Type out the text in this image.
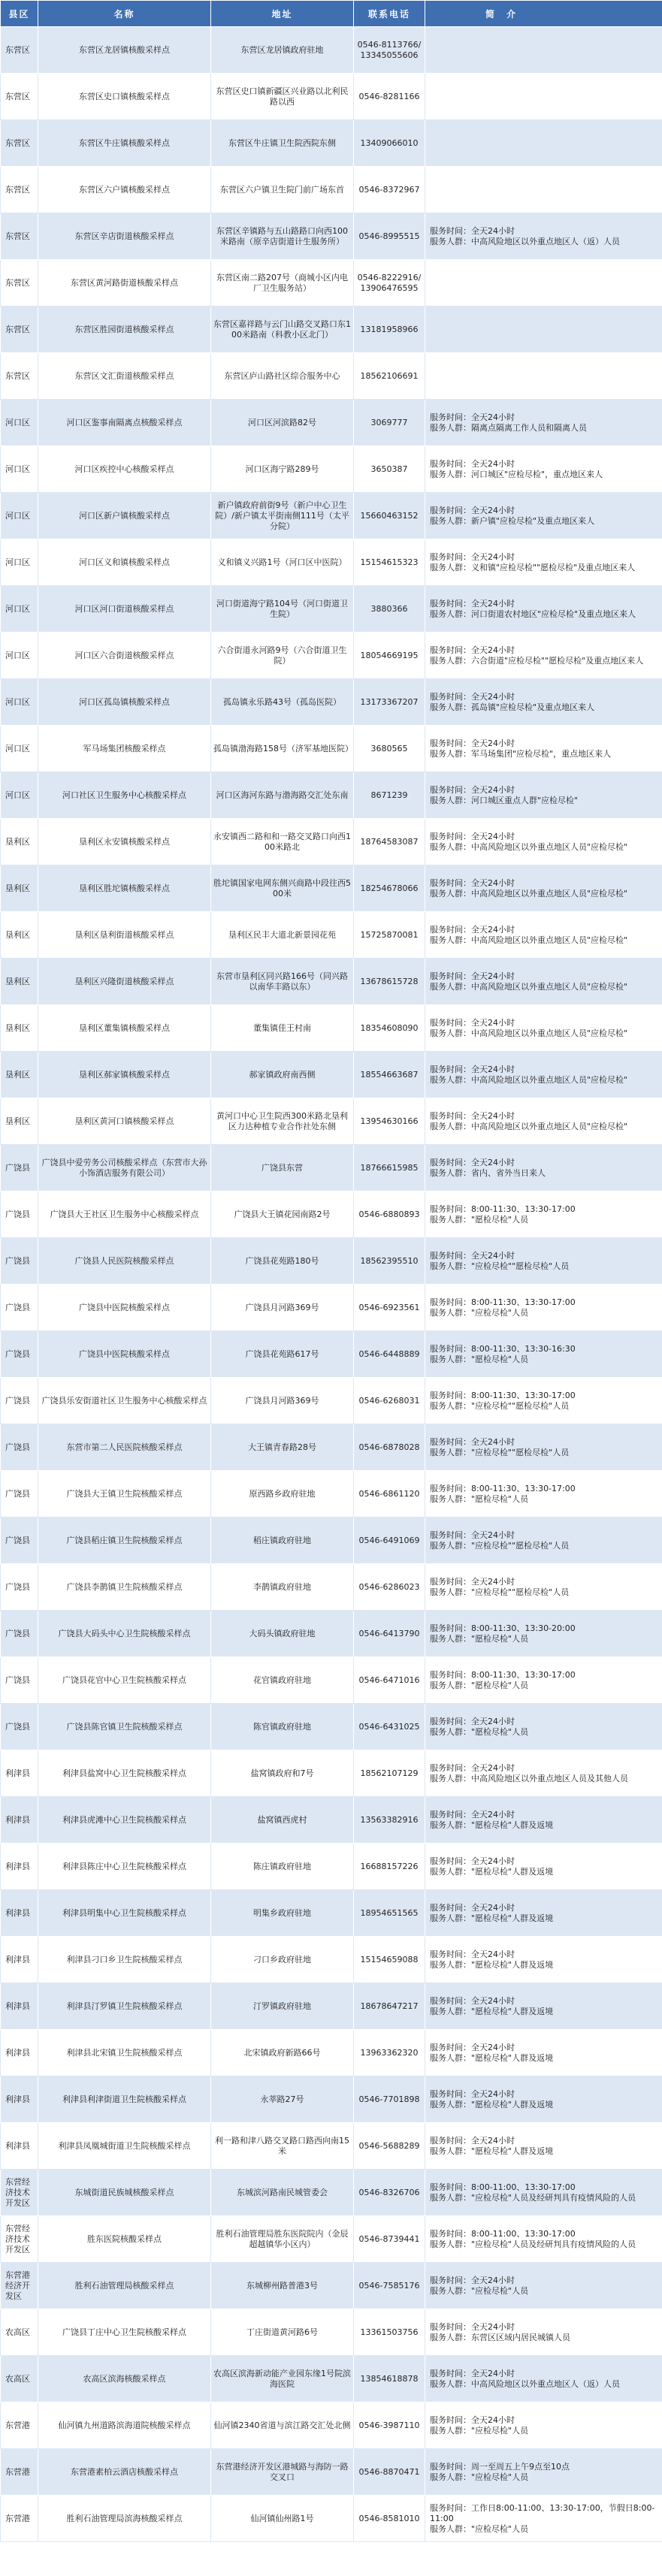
县区	名称	地址	联系电话	简 介
东营区	东营区龙居镇核酸采样点	东营区龙居镇政府驻地	0546-8113766/13345055606	
东营区	东营区史口镇核酸采样点	东营区史口镇新疆区兴业路以北利民路以西	0546-8281166	
东营区	东营区牛庄镇核酸采样点	东营区牛庄镇卫生院西院东侧	13409066010	
东营区	东营区六户镇核酸采样点	东营区六户镇卫生院门前广场东首	0546-8372967	
东营区	东营区辛店街道核酸采样点	东营区辛镇路与五山路路口向西100米路南（原辛店街道计生服务所）	0546-8995515	服务时间：全天24小时
服务人群：中高风险地区以外重点地区人（返）人员
东营区	东营区黄河路街道核酸采样点	东营区南二路207号（商城小区内电厂卫生服务站）	0546-8222916/13906476595	
东营区	东营区胜园街道核酸采样点	东营区嘉祥路与云门山路交叉路口东100米路南（科教小区北门）	13181958966	
东营区	东营区文汇街道核酸采样点	东营区庐山路社区综合服务中心	18562106691	
河口区	河口区鉴事南隔离点核酸采样点	河口区河滨路82号	3069777	服务时间：全天24小时
服务人群：隔离点隔离工作人员和隔离人员
河口区	河口区疾控中心核酸采样点	河口区海宁路289号	3650387	服务时间：全天24小时
服务人群：河口城区"应检尽检"，重点地区来人
河口区	河口区新户镇核酸采样点	新户镇政府前街9号（新户中心卫生院）/新户镇太平街南侧111号（太平分院）	15660463152	服务时间：全天24小时
服务人群：新户镇"应检尽检"及重点地区来人
河口区	河口区义和镇核酸采样点	义和镇义兴路1号（河口区中医院）	15154615323	服务时间：全天24小时
服务人群：义和镇"应检尽检""愿检尽检"及重点地区来人
河口区	河口区河口街道核酸采样点	河口街道海宁路104号（河口街道卫生院）	3880366	服务时间：全天24小时
服务人群：河口街道农村地区"应检尽检"及重点地区来人
河口区	河口区六合街道核酸采样点	六合街道永河路9号（六合街道卫生院）	18054669195	服务时间：全天24小时
服务人群：六合街道"应检尽检""愿检尽检"及重点地区来人
河口区	河口区孤岛镇核酸采样点	孤岛镇永乐路43号（孤岛医院）	13173367207	服务时间：全天24小时
服务人群：孤岛镇"应检尽检"及重点地区来人
河口区	军马场集团核酸采样点	孤岛镇渤海路158号（济军基地医院）	3680565	服务时间：全天24小时
服务人群：军马场集团"应检尽检"，重点地区来人
河口区	河口社区卫生服务中心核酸采样点	河口区海河东路与渤海路交汇处东南	8671239	服务时间：全天24小时
服务人群：河口城区重点人群"应检尽检"
垦利区	垦利区永安镇核酸采样点	永安镇西二路和和一路交叉路口向西100米路北	18764583087	服务时间：全天24小时
服务人群：中高风险地区以外重点地区人员"应检尽检"
垦利区	垦利区胜坨镇核酸采样点	胜坨镇国家电网东侧兴商路中段往西500米	18254678066	服务时间：全天24小时
服务人群：中高风险地区以外重点地区人员"应检尽检"
垦利区	垦利区垦利街道核酸采样点	垦利区民丰大道北新景园花苑	15725870081	服务时间：全天24小时
服务人群：中高风险地区以外重点地区人员"应检尽检"
垦利区	垦利区兴隆街道核酸采样点	东营市垦利区同兴路166号（同兴路以南华丰路以东）	13678615728	服务时间：全天24小时
服务人群：中高风险地区以外重点地区人员"应检尽检"
垦利区	垦利区董集镇核酸采样点	董集镇佳王村南	18354608090	服务时间：全天24小时
服务人群：中高风险地区以外重点地区人员"应检尽检"
垦利区	垦利区郝家镇核酸采样点	郝家镇政府南西侧	18554663687	服务时间：全天24小时
服务人群：中高风险地区以外重点地区人员"应检尽检"
垦利区	垦利区黄河口镇核酸采样点	黄河口中心卫生院西300米路北垦利区力达种植专业合作社处东侧	13954630166	服务时间：全天24小时
服务人群：中高风险地区以外重点地区人员"应检尽检"
广饶县	广饶县中爱劳务公司核酸采样点（东营市大孙小饰酒店服务有限公司）	广饶县东营	18766615985	服务时间：全天24小时
服务人群：省内、省外当日来人
广饶县	广饶县大王社区卫生服务中心核酸采样点	广饶县大王镇花园南路2号	0546-6880893	服务时间：8:00-11:30、13:30-17:00
服务人群："愿检尽检"人员
广饶县	广饶县人民医院核酸采样点	广饶县花苑路180号	18562395510	服务时间：全天24小时
服务人群："应检尽检""愿检尽检"人员
广饶县	广饶县中医院核酸采样点	广饶县月河路369号	0546-6923561	服务时间：8:00-11:30、13:30-17:00
服务人群："应检尽检"人员
广饶县	广饶县中医院核酸采样点	广饶县花苑路617号	0546-6448889	服务时间：8:00-11:30、13:30-16:30
服务人群："愿检尽检"人员
广饶县	广饶县乐安街道社区卫生服务中心核酸采样点	广饶县月河路369号	0546-6268031	服务时间：8:00-11:30、13:30-17:00
服务人群："应检尽检""愿检尽检"人员
广饶县	东营市第二人民医院核酸采样点	大王镇青春路28号	0546-6878028	服务时间：全天24小时
服务人群："应检尽检""愿检尽检"人员
广饶县	广饶县大王镇卫生院核酸采样点	原西路乡政府驻地	0546-6861120	服务时间：8:00-11:30、13:30-17:00
服务人群："愿检尽检"人员
广饶县	广饶县稻庄镇卫生院核酸采样点	稻庄镇政府驻地	0546-6491069	服务时间：全天24小时
服务人群："应检尽检""愿检尽检"人员
广饶县	广饶县李鹊镇卫生院核酸采样点	李鹊镇政府驻地	0546-6286023	服务时间：全天24小时
服务人群："应检尽检""愿检尽检"人员
广饶县	广饶县大码头中心卫生院核酸采样点	大码头镇政府驻地	0546-6413790	服务时间：8:00-11:30、13:30-20:00
服务人群："愿检尽检"人员
广饶县	广饶县花官中心卫生院核酸采样点	花官镇政府驻地	0546-6471016	服务时间：8:00-11:30、13:30-17:00
服务人群："愿检尽检"人员
广饶县	广饶县陈官镇卫生院核酸采样点	陈官镇政府驻地	0546-6431025	服务时间：全天24小时
服务人群："愿检尽检"人员
利津县	利津县盐窝中心卫生院核酸采样点	盐窝镇政府和7号	18562107129	服务时间：全天24小时
服务人群：中高风险地区以外重点地区人员及其他人员
利津县	利津县虎滩中心卫生院核酸采样点	盐窝镇西虎村	13563382916	服务时间：全天24小时
服务人群："愿检尽检"人群及返境
利津县	利津县陈庄中心卫生院核酸采样点	陈庄镇政府驻地	16688157226	服务时间：全天24小时
服务人群："愿检尽检"人群及返境
利津县	利津县明集中心卫生院核酸采样点	明集乡政府驻地	18954651565	服务时间：全天24小时
服务人群："愿检尽检"人群及返境
利津县	利津县刁口乡卫生院核酸采样点	刁口乡政府驻地	15154659088	服务时间：全天24小时
服务人群："愿检尽检"人群及返境
利津县	利津县汀罗镇卫生院核酸采样点	汀罗镇政府驻地	18678647217	服务时间：全天24小时
服务人群："愿检尽检"人群及返境
利津县	利津县北宋镇卫生院核酸采样点	北宋镇政府新路66号	13963362320	服务时间：全天24小时
服务人群："愿检尽检"人群及返境
利津县	利津县利津街道卫生院核酸采样点	永莘路27号	0546-7701898	服务时间：全天24小时
服务人群："愿检尽检"人群及返境
利津县	利津县凤凰城街道卫生院核酸采样点	利一路和津八路交叉路口路西向南15米	0546-5688289	服务时间：全天24小时
服务人群："愿检尽检"人群及返境
东营经济技术开发区	东城街道民族城核酸采样点	东城滨河路南民城管委会	0546-8326706	服务时间：8:00-11:00、13:30-17:00
服务人群："应检尽检"人员及经研判具有疫情风险的人员
东营经济技术开发区	胜东医院核酸采样点	胜利石油管理局胜东医院院内（金辰超越镇华小区内）	0546-8739441	服务时间：8:00-11:00、13:30-17:00
服务人群："应检尽检"人员及经研判具有疫情风险的人员
东营港经济开发区	胜利石油管理局核酸采样点	东城柳州路普港3号	0546-7585176	服务时间：全天24小时
服务人群："应检尽检"人员
农高区	广饶县丁庄中心卫生院核酸采样点	丁庄街道黄河路6号	13361503756	服务时间：全天24小时
服务人群：东营区区域内居民城镇人员
农高区	农高区滨海核酸采样点	农高区滨海新动能产业园东缘1号院滨海医院	13854618878	服务时间：全天24小时
服务人群：中高风险地区以外重点地区人（返）人员
东营港	仙河镇九州道路滨海道院核酸采样点	仙河镇2340省道与滨江路交汇处北侧	0546-3987110	服务时间：全天24小时
服务人群："应检尽检"人员
东营港	东营港素柏云酒店核酸采样点	东营港经济开发区港城路与海防一路交叉口	0546-8870471	服务时间：周一至周五上午9点至10点
服务人群："应检尽检"人员
东营港	胜利石油管理局滨海核酸采样点	仙河镇仙州路1号	0546-8581010	服务时间：工作日8:00-11:00、13:30-17:00，节假日8:00-11:00
服务人群："应检尽检"人员
